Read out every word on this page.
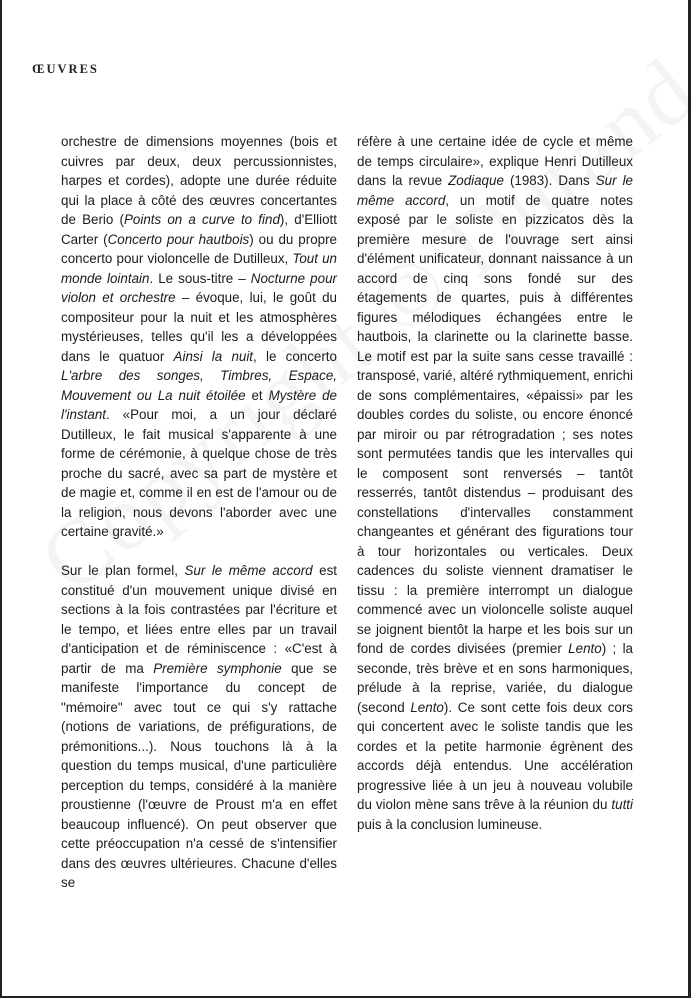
ŒUVRES

orchestre de dimensions moyennes (bois et cuivres par deux, deux percussionnistes, harpes et cordes), adopte une durée réduite qui la place à côté des œuvres concertantes de Berio (Points on a curve to find), d'Elliott Carter (Concerto pour hautbois) ou du propre concerto pour violoncelle de Dutilleux, Tout un monde lointain. Le sous-titre – Nocturne pour violon et orchestre – évoque, lui, le goût du compositeur pour la nuit et les atmosphères mystérieuses, telles qu'il les a développées dans le quatuor Ainsi la nuit, le concerto L'arbre des songes, Timbres, Espace, Mouvement ou La nuit étoilée et Mystère de l'instant. «Pour moi, a un jour déclaré Dutilleux, le fait musical s'apparente à une forme de cérémonie, à quelque chose de très proche du sacré, avec sa part de mystère et de magie et, comme il en est de l'amour ou de la religion, nous devons l'aborder avec une certaine gravité.»

Sur le plan formel, Sur le même accord est constitué d'un mouvement unique divisé en sections à la fois contrastées par l'écriture et le tempo, et liées entre elles par un travail d'anticipation et de réminiscence : «C'est à partir de ma Première symphonie que se manifeste l'importance du concept de "mémoire" avec tout ce qui s'y rattache (notions de variations, de préfigurations, de prémonitions...). Nous touchons là à la question du temps musical, d'une particulière perception du temps, considéré à la manière proustienne (l'œuvre de Proust m'a en effet beaucoup influencé). On peut observer que cette préoccupation n'a cessé de s'intensifier dans des œuvres ultérieures. Chacune d'elles se

réfère à une certaine idée de cycle et même de temps circulaire», explique Henri Dutilleux dans la revue Zodiaque (1983). Dans Sur le même accord, un motif de quatre notes exposé par le soliste en pizzicatos dès la première mesure de l'ouvrage sert ainsi d'élément unificateur, donnant naissance à un accord de cinq sons fondé sur des étagements de quartes, puis à différentes figures mélodiques échangées entre le hautbois, la clarinette ou la clarinette basse. Le motif est par la suite sans cesse travaillé : transposé, varié, altéré rythmiquement, enrichi de sons complémentaires, «épaissi» par les doubles cordes du soliste, ou encore énoncé par miroir ou par rétrogradation ; ses notes sont permutées tandis que les intervalles qui le composent sont renversés – tantôt resserrés, tantôt distendus – produisant des constellations d'intervalles constamment changeantes et générant des figurations tour à tour horizontales ou verticales. Deux cadences du soliste viennent dramatiser le tissu : la première interrompt un dialogue commencé avec un violoncelle soliste auquel se joignent bientôt la harpe et les bois sur un fond de cordes divisées (premier Lento) ; la seconde, très brève et en sons harmoniques, prélude à la reprise, variée, du dialogue (second Lento). Ce sont cette fois deux cors qui concertent avec le soliste tandis que les cordes et la petite harmonie égrènent des accords déjà entendus. Une accélération progressive liée à un jeu à nouveau volubile du violon mène sans trêve à la réunion du tutti puis à la conclusion lumineuse.
